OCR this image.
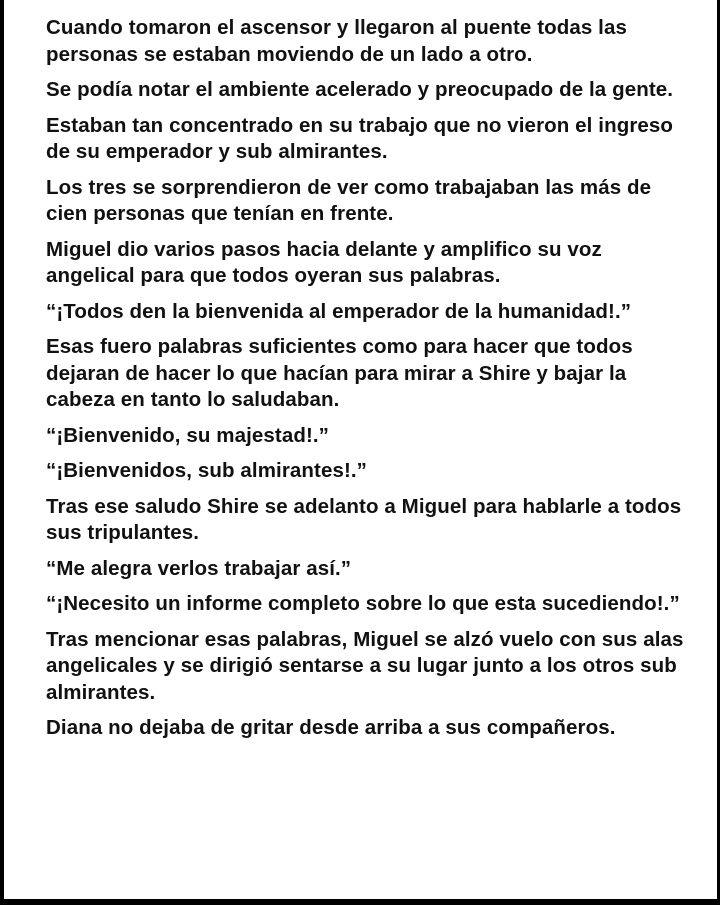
Cuando tomaron el ascensor y llegaron al puente todas las personas se estaban moviendo de un lado a otro.

Se podía notar el ambiente acelerado y preocupado de la gente.

Estaban tan concentrado en su trabajo que no vieron el ingreso de su emperador y sub almirantes.

Los tres se sorprendieron de ver como trabajaban las más de cien personas que tenían en frente.

Miguel dio varios pasos hacia delante y amplifico su voz angelical para que todos oyeran sus palabras.

“¡Todos den la bienvenida al emperador de la humanidad!.”

Esas fuero palabras suficientes como para hacer que todos dejaran de hacer lo que hacían para mirar a Shire y bajar la cabeza en tanto lo saludaban.

“¡Bienvenido, su majestad!.”

“¡Bienvenidos, sub almirantes!.”

Tras ese saludo Shire se adelanto a Miguel para hablarle a todos sus tripulantes.

“Me alegra verlos trabajar así.”

“¡Necesito un informe completo sobre lo que esta sucediendo!.”

Tras mencionar esas palabras, Miguel se alzó vuelo con sus alas angelicales y se dirigió sentarse a su lugar junto a los otros sub almirantes.

Diana no dejaba de gritar desde arriba a sus compañeros.
